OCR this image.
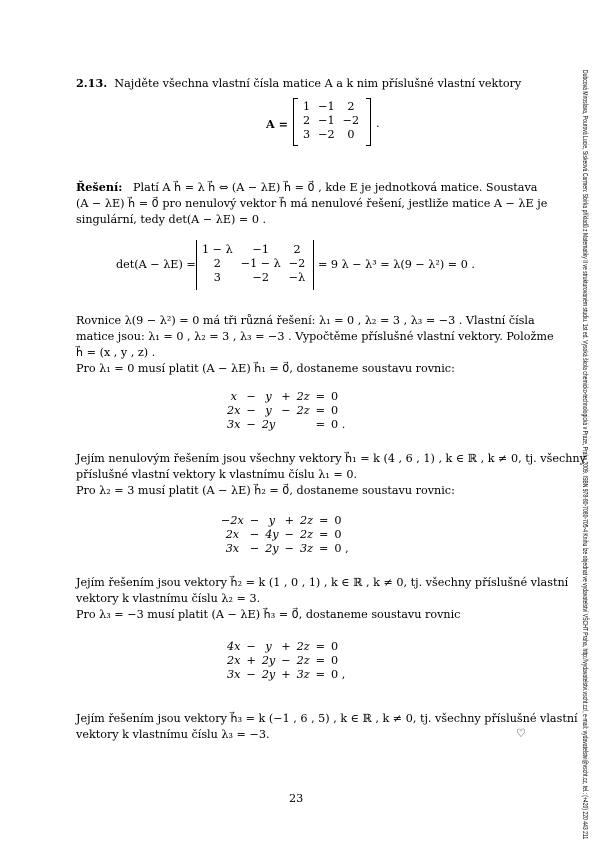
2.13. Najděte všechna vlastní čísla matice A a k nim příslušné vlastní vektory
A =
1	−1	2
2	−1	−2
3	−2	0
.
Řešení: Platí A h⃗ = λ h⃗ ⇔ (A − λE) h⃗ = 0⃗ , kde E je jednotková matice. Soustava
(A − λE) h⃗ = 0⃗ pro nenulový vektor h⃗ má nenulové řešení, jestliže matice A − λE je
singulární, tedy det(A − λE) = 0 .
det(A − λE) =
1 − λ	−1	2
2	−1 − λ	−2
3	−2	−λ
= 9 λ − λ³ = λ(9 − λ²) = 0 .
Rovnice λ(9 − λ²) = 0 má tři různá řešení: λ₁ = 0 , λ₂ = 3 , λ₃ = −3 . Vlastní čísla
matice jsou: λ₁ = 0 , λ₂ = 3 , λ₃ = −3 . Vypočtěme příslušné vlastní vektory. Položme
h⃗ = (x , y , z) .
Pro λ₁ = 0 musí platit (A − λE) h⃗₁ = 0⃗, dostaneme soustavu rovnic:
x	−	y	+	2z	=	0
2x	−	y	−	2z	=	0
3x	−	2y			=	0 .
Jejím nenulovým řešením jsou všechny vektory h⃗₁ = k (4 , 6 , 1) , k ∈ ℝ , k ≠ 0, tj. všechny
příslušné vlastní vektory k vlastnímu číslu λ₁ = 0.
Pro λ₂ = 3 musí platit (A − λE) h⃗₂ = 0⃗, dostaneme soustavu rovnic:
−2x	−	y	+	2z	=	0
2x	−	4y	−	2z	=	0
3x	−	2y	−	3z	=	0 ,
Jejím řešením jsou vektory h⃗₂ = k (1 , 0 , 1) , k ∈ ℝ , k ≠ 0, tj. všechny příslušné vlastní
vektory k vlastnímu číslu λ₂ = 3.
Pro λ₃ = −3 musí platit (A − λE) h⃗₃ = 0⃗, dostaneme soustavu rovnic
4x	−	y	+	2z	=	0
2x	+	2y	−	2z	=	0
3x	−	2y	+	3z	=	0 ,
Jejím řešením jsou vektory h⃗₃ = k (−1 , 6 , 5) , k ∈ ℝ , k ≠ 0, tj. všechny příslušné vlastní
vektory k vlastnímu číslu λ₃ = −3.	♡
23	Dubcová Miroslava, Pourová Lucie, Siskeová Carmen: Sbírka příkladů z Matematiky II ve strukturovaném studiu. 1st ed. Vysoká škola chemicko-technologická v Praze, Praha 2009. ISBN 978-80-7080-705-4 Knihu lze objednat ve vydavatelství VŠCHT Praha, http://vydavatelstvi.vscht.cz/, e-mail: vydavatelstvi@vscht.cz, tel.: (+420) 220 443 211
